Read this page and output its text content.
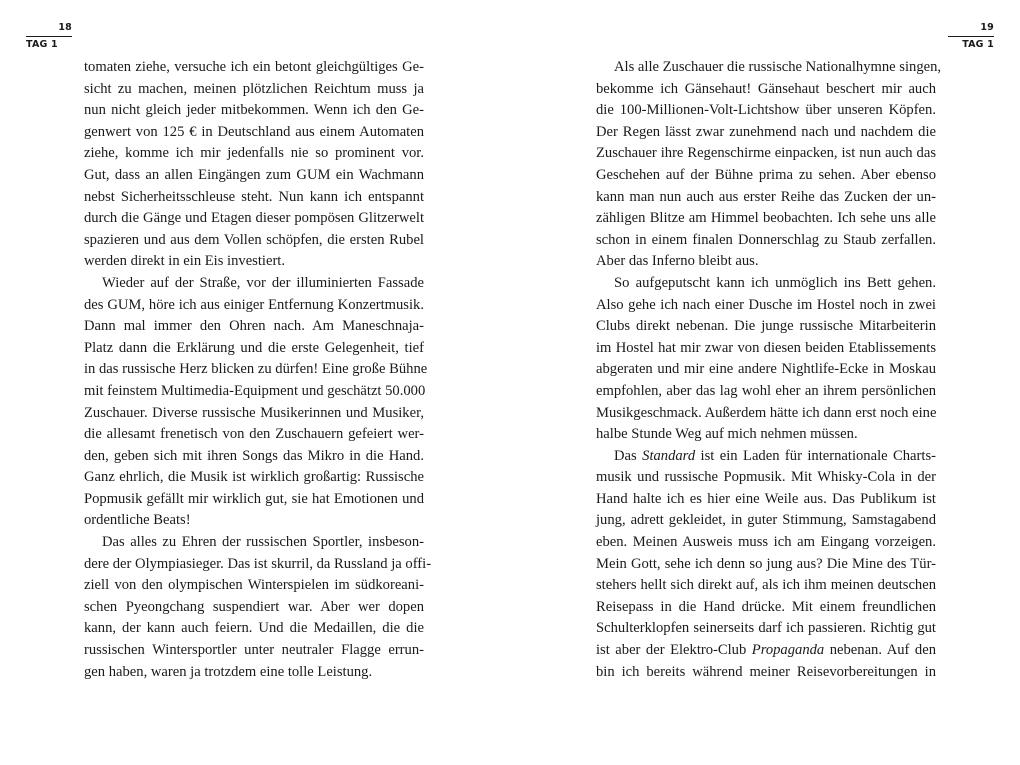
18
TAG 1
tomaten ziehe, versuche ich ein betont gleichgültiges Ge-
sicht zu machen, meinen plötzlichen Reichtum muss ja
nun nicht gleich jeder mitbekommen. Wenn ich den Ge-
genwert von 125 € in Deutschland aus einem Automaten
ziehe, komme ich mir jedenfalls nie so prominent vor.
Gut, dass an allen Eingängen zum GUM ein Wachmann
nebst Sicherheitsschleuse steht. Nun kann ich entspannt
durch die Gänge und Etagen dieser pompösen Glitzerwelt
spazieren und aus dem Vollen schöpfen, die ersten Rubel
werden direkt in ein Eis investiert.
Wieder auf der Straße, vor der illuminierten Fassade
des GUM, höre ich aus einiger Entfernung Konzertmusik.
Dann mal immer den Ohren nach. Am Maneschnaja-
Platz dann die Erklärung und die erste Gelegenheit, tief
in das russische Herz blicken zu dürfen! Eine große Bühne
mit feinstem Multimedia-Equipment und geschätzt 50.000
Zuschauer. Diverse russische Musikerinnen und Musiker,
die allesamt frenetisch von den Zuschauern gefeiert wer-
den, geben sich mit ihren Songs das Mikro in die Hand.
Ganz ehrlich, die Musik ist wirklich großartig: Russische
Popmusik gefällt mir wirklich gut, sie hat Emotionen und
ordentliche Beats!
Das alles zu Ehren der russischen Sportler, insbeson-
dere der Olympiasieger. Das ist skurril, da Russland ja offi-
ziell von den olympischen Winterspielen im südkoreani-
schen Pyeongchang suspendiert war. Aber wer dopen
kann, der kann auch feiern. Und die Medaillen, die die
russischen Wintersportler unter neutraler Flagge errun-
gen haben, waren ja trotzdem eine tolle Leistung.
19
TAG 1
Als alle Zuschauer die russische Nationalhymne singen,
bekomme ich Gänsehaut! Gänsehaut beschert mir auch
die 100-Millionen-Volt-Lichtshow über unseren Köpfen.
Der Regen lässt zwar zunehmend nach und nachdem die
Zuschauer ihre Regenschirme einpacken, ist nun auch das
Geschehen auf der Bühne prima zu sehen. Aber ebenso
kann man nun auch aus erster Reihe das Zucken der un-
zähligen Blitze am Himmel beobachten. Ich sehe uns alle
schon in einem finalen Donnerschlag zu Staub zerfallen.
Aber das Inferno bleibt aus.
So aufgeputscht kann ich unmöglich ins Bett gehen.
Also gehe ich nach einer Dusche im Hostel noch in zwei
Clubs direkt nebenan. Die junge russische Mitarbeiterin
im Hostel hat mir zwar von diesen beiden Etablissements
abgeraten und mir eine andere Nightlife-Ecke in Moskau
empfohlen, aber das lag wohl eher an ihrem persönlichen
Musikgeschmack. Außerdem hätte ich dann erst noch eine
halbe Stunde Weg auf mich nehmen müssen.
Das Standard ist ein Laden für internationale Charts-
musik und russische Popmusik. Mit Whisky-Cola in der
Hand halte ich es hier eine Weile aus. Das Publikum ist
jung, adrett gekleidet, in guter Stimmung, Samstagabend
eben. Meinen Ausweis muss ich am Eingang vorzeigen.
Mein Gott, sehe ich denn so jung aus? Die Mine des Tür-
stehers hellt sich direkt auf, als ich ihm meinen deutschen
Reisepass in die Hand drücke. Mit einem freundlichen
Schulterklopfen seinerseits darf ich passieren. Richtig gut
ist aber der Elektro-Club Propaganda nebenan. Auf den
bin ich bereits während meiner Reisevorbereitungen in
